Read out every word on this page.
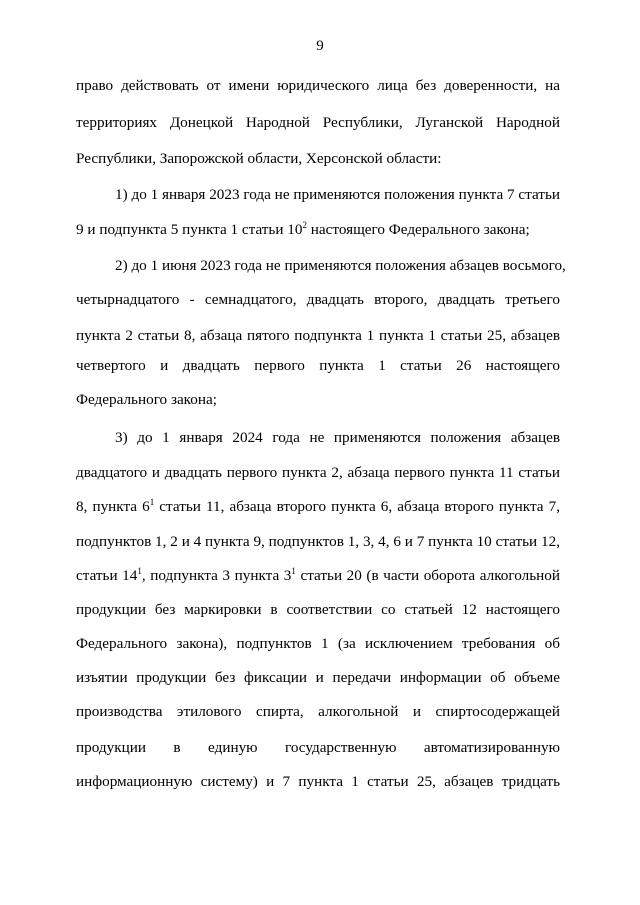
9
право действовать от имени юридического лица без доверенности, на
территориях Донецкой Народной Республики, Луганской Народной
Республики, Запорожской области, Херсонской области:
1) до 1 января 2023 года не применяются положения пункта 7 статьи
9 и подпункта 5 пункта 1 статьи $10^2$ настоящего Федерального закона;
2) до 1 июня 2023 года не применяются положения абзацев восьмого,
четырнадцатого - семнадцатого, двадцать второго, двадцать третьего
пункта 2 статьи 8, абзаца пятого подпункта 1 пункта 1 статьи 25, абзацев
четвертого и двадцать первого пункта 1 статьи 26 настоящего
Федерального закона;
3) до 1 января 2024 года не применяются положения абзацев
двадцатого и двадцать первого пункта 2, абзаца первого пункта 11 статьи
8, пункта $6^1$ статьи 11, абзаца второго пункта 6, абзаца второго пункта 7,
подпунктов 1, 2 и 4 пункта 9, подпунктов 1, 3, 4, 6 и 7 пункта 10 статьи 12,
статьи $14^1$, подпункта 3 пункта $3^1$ статьи 20 (в части оборота алкогольной
продукции без маркировки в соответствии со статьей 12 настоящего
Федерального закона), подпунктов 1 (за исключением требования об
изъятии продукции без фиксации и передачи информации об объеме
производства этилового спирта, алкогольной и спиртосодержащей
продукции в единую государственную автоматизированную
информационную систему) и 7 пункта 1 статьи 25, абзацев тридцать
